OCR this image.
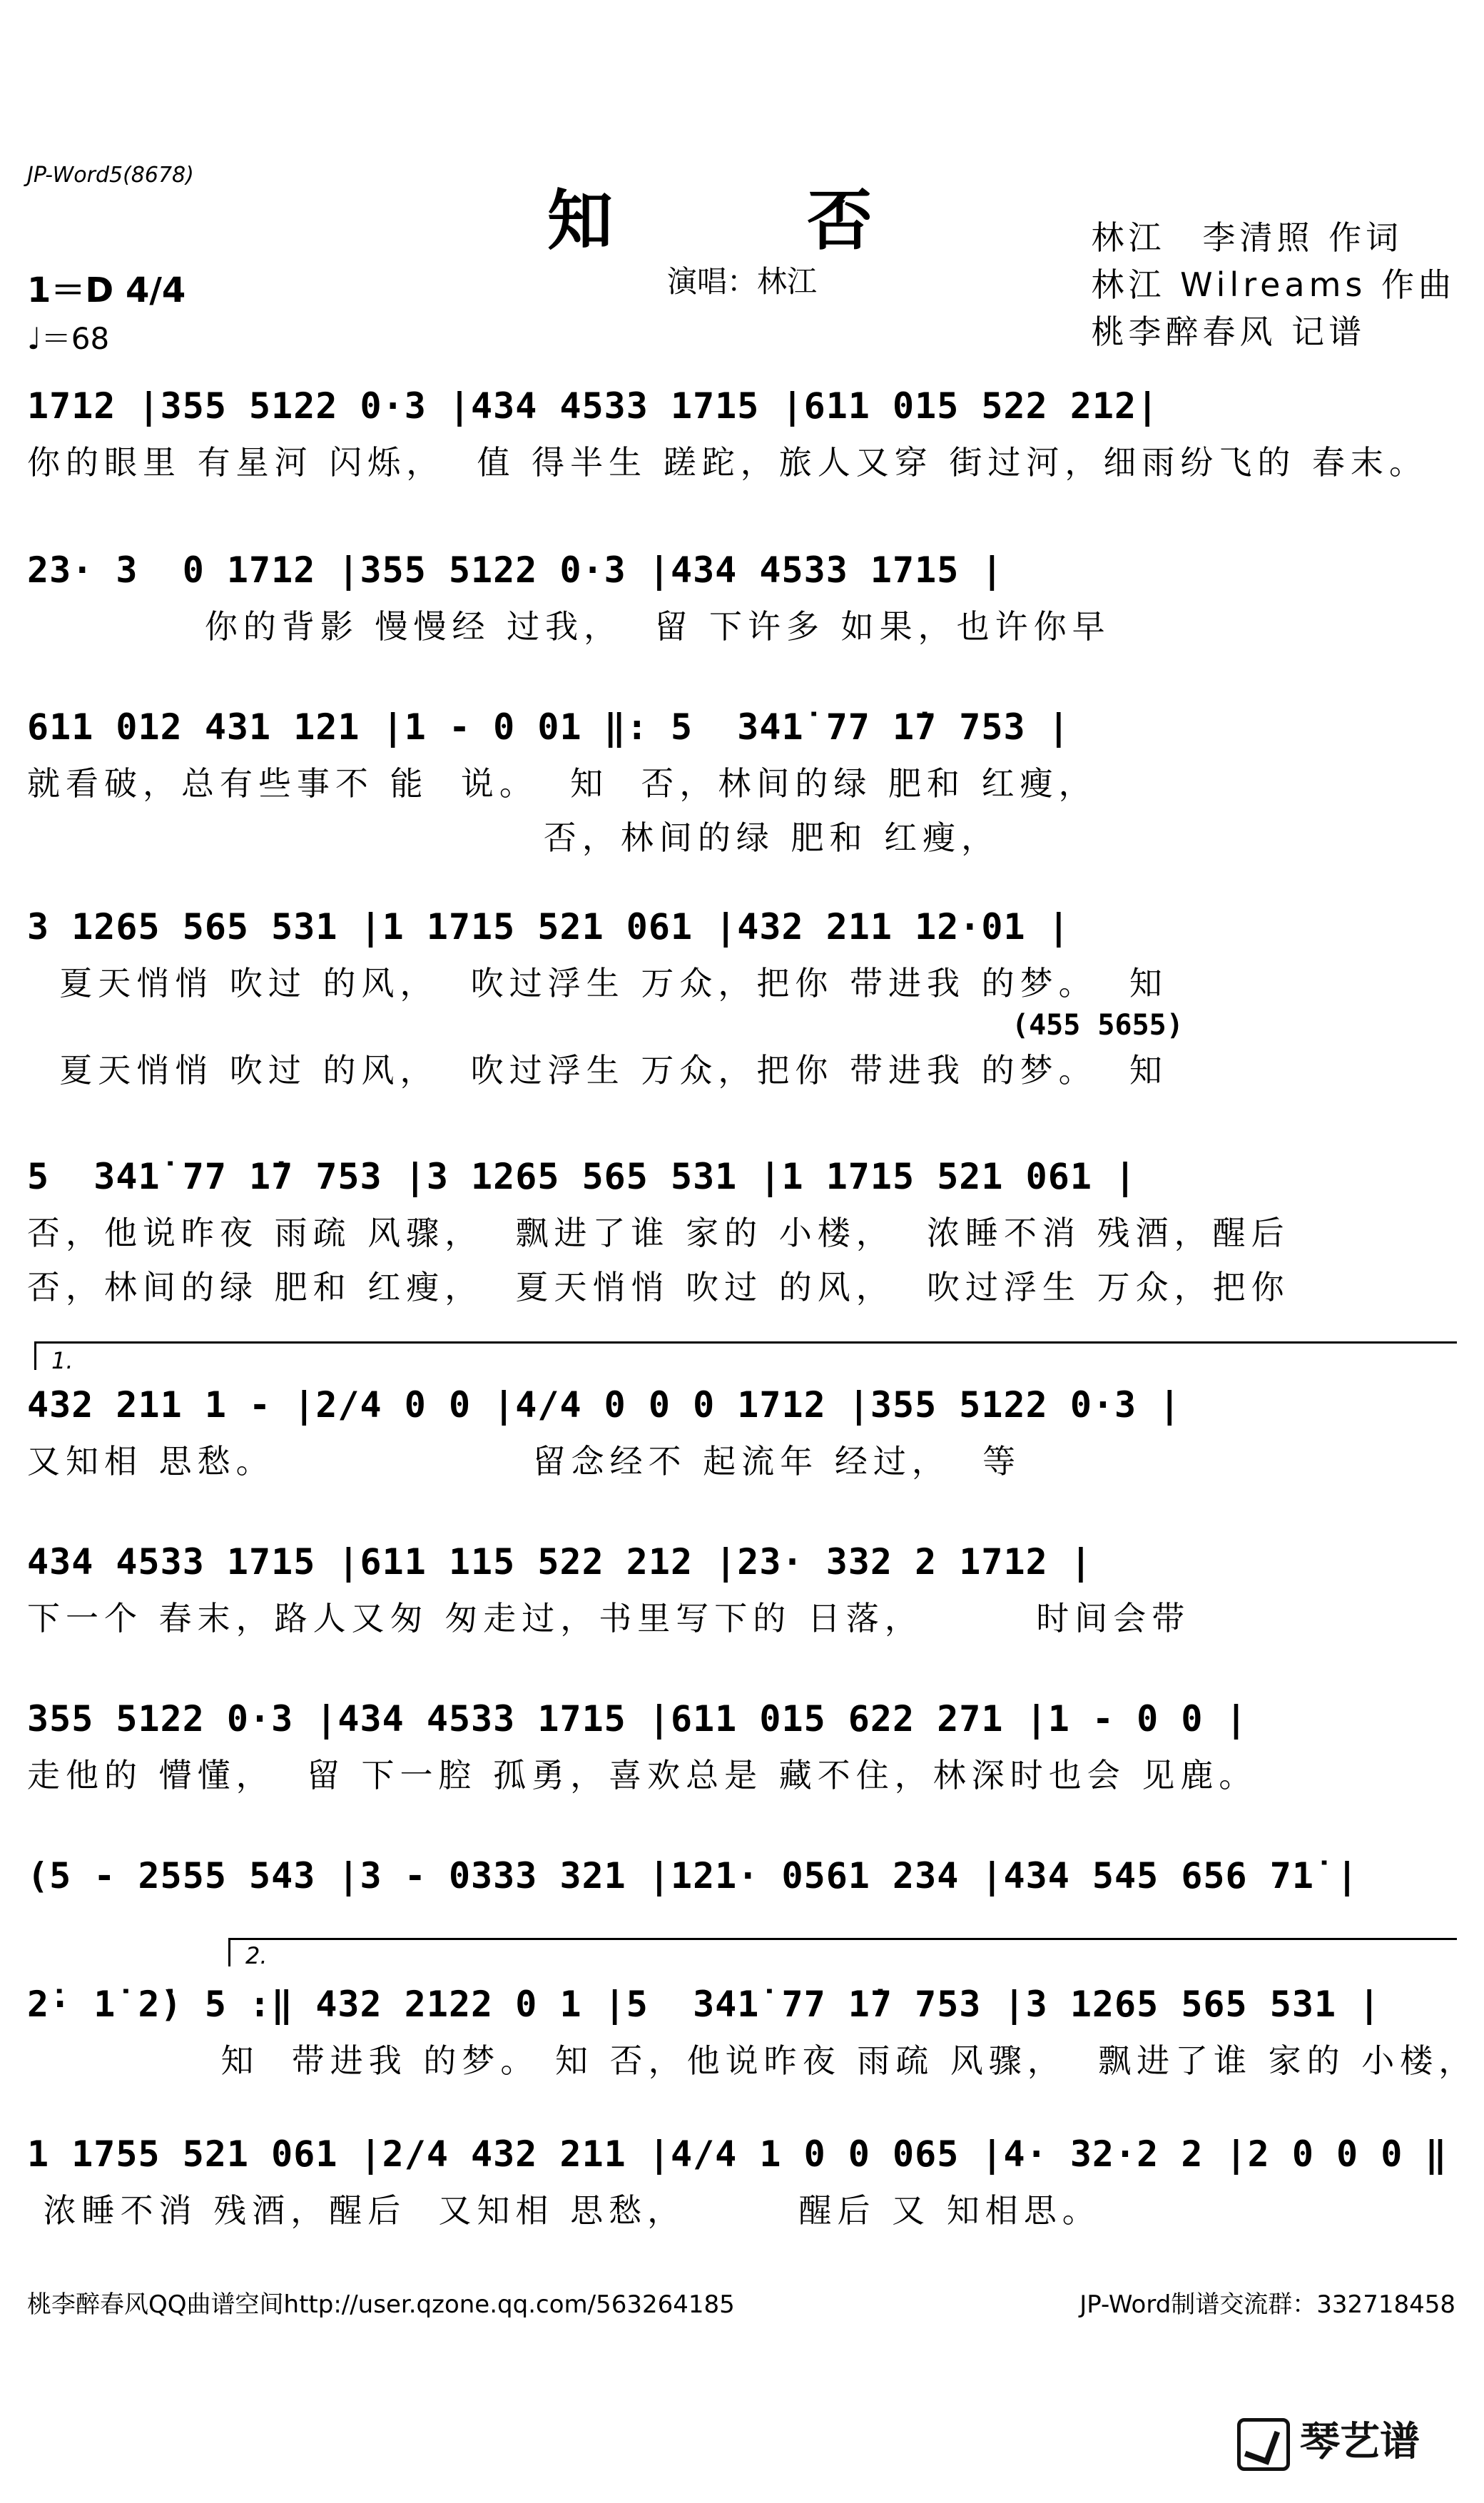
JP-Word5(8678)
知　否
演唱：林江
林江　李清照 作词
林江 Wilreams 作曲
桃李醉春风 记谱
1＝D 4/4
♩＝68
1712 |355 5122 0·3 |434 4533 1715 |611 015 522 212|
你的眼里 有星河 闪烁，  值 得半生 蹉跎，旅人又穿 街过河，细雨纷飞的 春末。
23· 3  0 1712 |355 5122 0·3 |434 4533 1715 |
你的背影 慢慢经 过我，  留 下许多 如果，也许你早
611 012 431 121 |1 - 0 01 ‖: 5  341̇ 77 1̇7 753 |
就看破，总有些事不 能  说。  知  否，林间的绿 肥和 红瘦，
否，林间的绿 肥和 红瘦，
3 1265 565 531 |1 1715 521 061 |432 211 12·01 |
夏天悄悄 吹过 的风，  吹过浮生 万众，把你 带进我 的梦。  知
(455 5655)
夏天悄悄 吹过 的风，  吹过浮生 万众，把你 带进我 的梦。  知
5  341̇ 77 1̇7 753 |3 1265 565 531 |1 1715 521 061 |
否，他说昨夜 雨疏 风骤，  飘进了谁 家的 小楼，  浓睡不消 残酒，醒后
否，林间的绿 肥和 红瘦，  夏天悄悄 吹过 的风，  吹过浮生 万众，把你
1.
432 211 1 - |2/4 0 0 |4/4 0 0 0 1712 |355 5122 0·3 |
又知相 思愁。                留念经不 起流年 经过，  等
434 4533 1715 |611 115 522 212 |23· 332 2 1712 |
下一个 春末，路人又匆 匆走过，书里写下的 日落，       时间会带
355 5122 0·3 |434 4533 1715 |611 015 622 271 |1 - 0 0 |
走他的 懵懂，  留 下一腔 孤勇，喜欢总是 藏不住，林深时也会 见鹿。
(5 - 2555 543 |3 - 0333 321 |121· 0561 234 |434 545 656 71̇ |
2.
2̇· 1̇ 2̇) 5 :‖ 432 2122 0 1 |5  341̇ 77 1̇7 753 |3 1265 565 531 |
知  带进我 的梦。 知 否，他说昨夜 雨疏 风骤，  飘进了谁 家的 小楼，
1 1755 521 061 |2/4 432 211 |4/4 1 0 0 065 |4· 32·2 2 |2 0 0 0 ‖
浓睡不消 残酒，醒后  又知相 思愁，       醒后 又 知相思。
桃李醉春风QQ曲谱空间http://user.qzone.qq.com/563264185	JP-Word制谱交流群：332718458
琴艺谱
